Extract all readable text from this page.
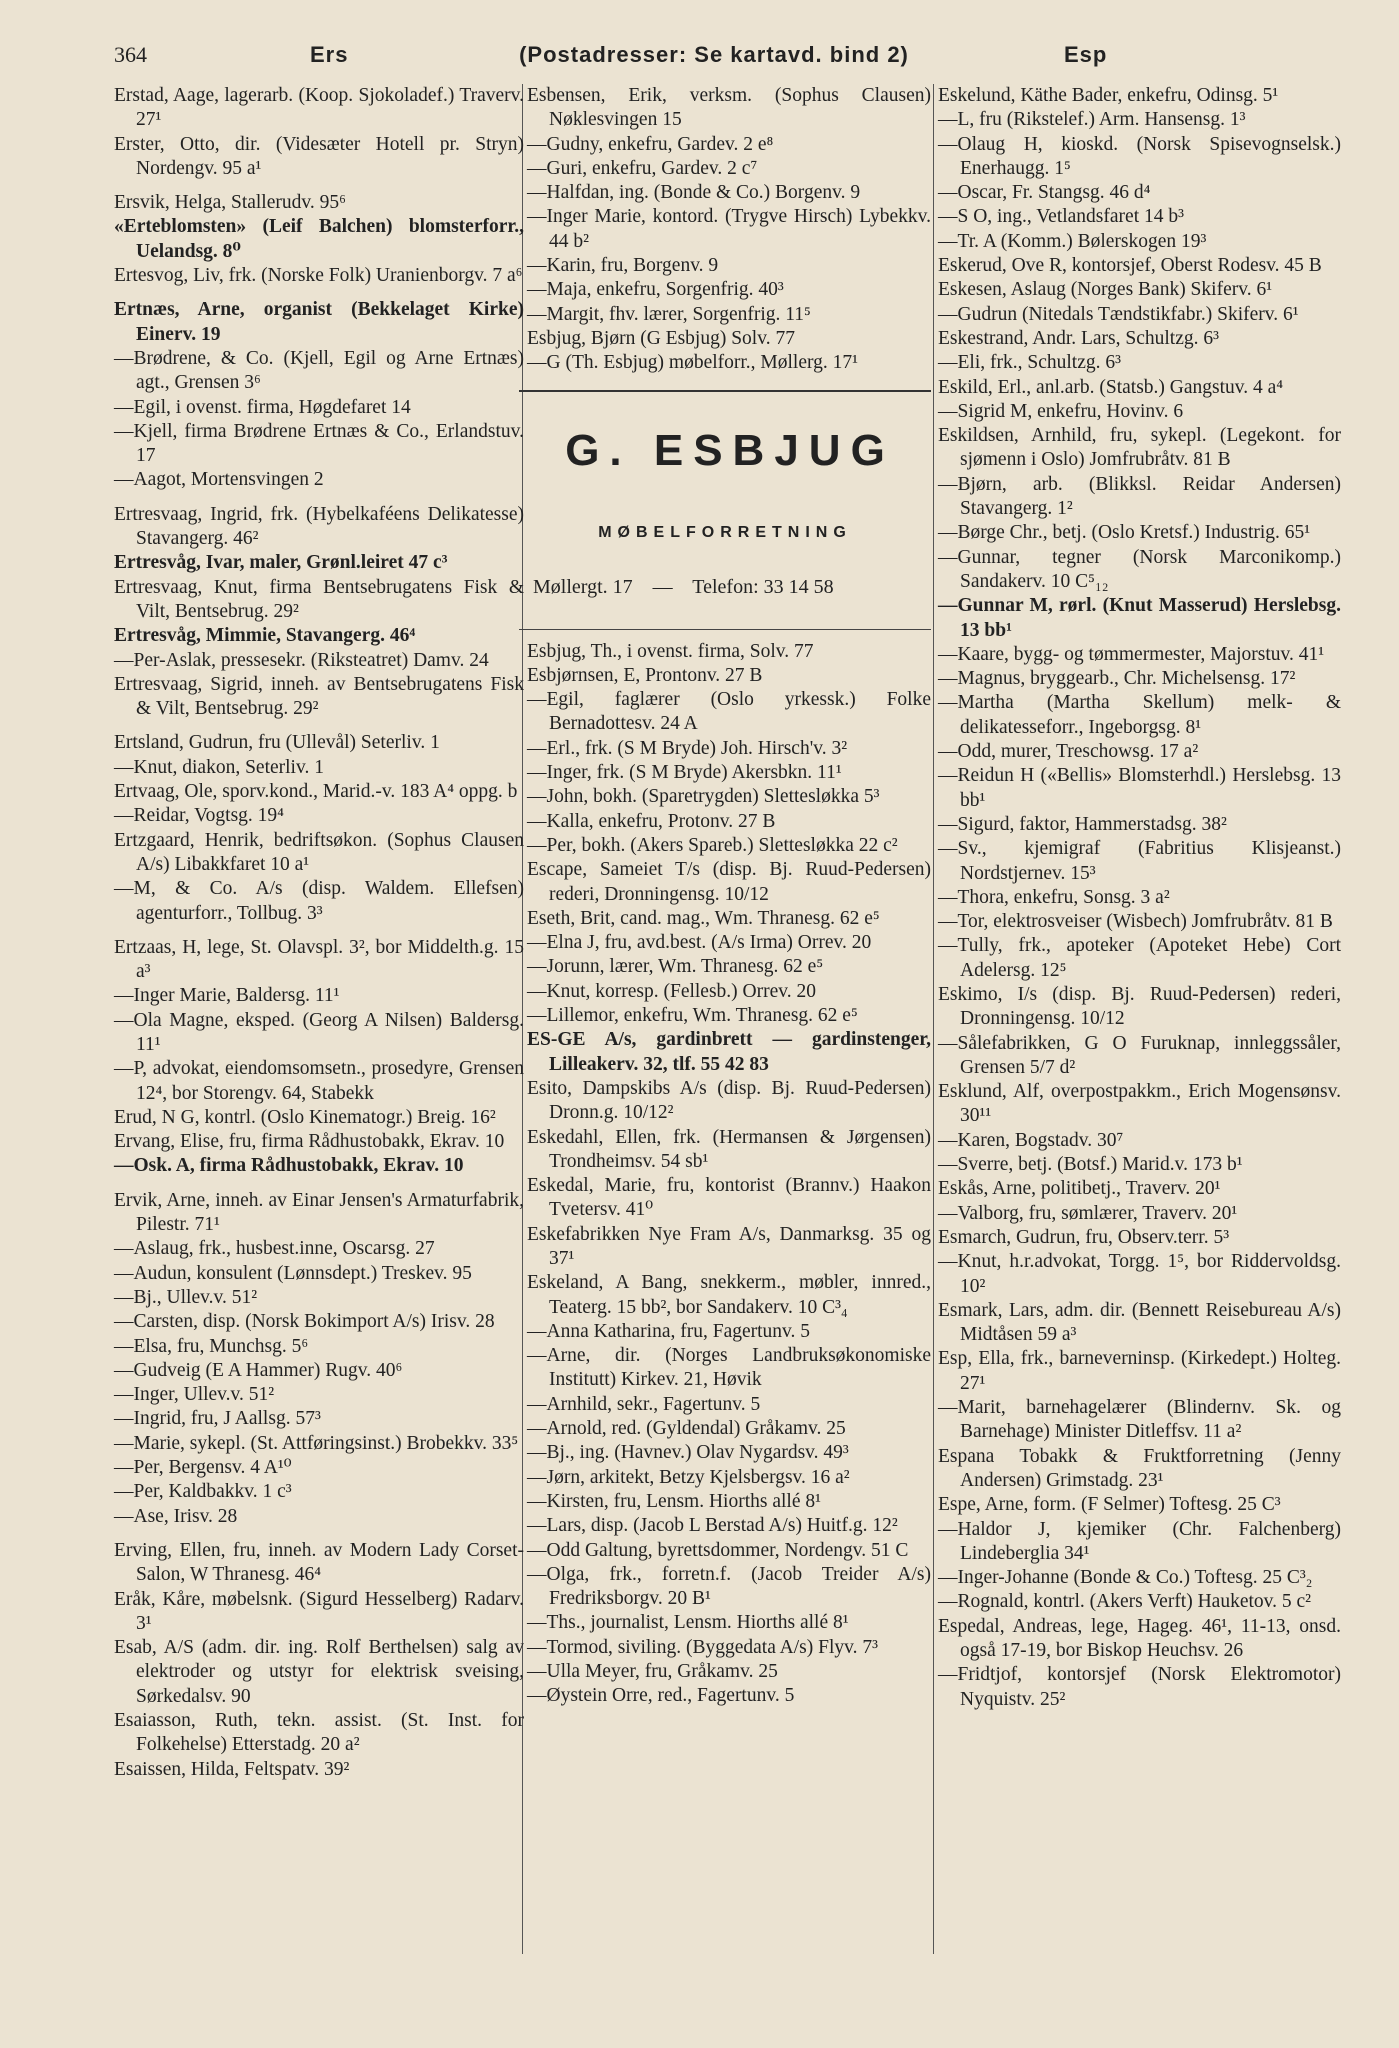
364	Ers	(Postadresser: Se kartavd. bind 2)	Esp
Erstad, Aage, lagerarb. (Koop. Sjokoladef.) Traverv. 27¹
Erster, Otto, dir. (Videsæter Hotell pr. Stryn) Nordengv. 95 a¹
Ersvik, Helga, Stallerudv. 95⁶
«Erteblomsten» (Leif Balchen) blomsterforr., Uelandsg. 8⁰
Ertesvog, Liv, frk. (Norske Folk) Uranienborgv. 7 a⁶
Ertnæs, Arne, organist (Bekkelaget Kirke) Einerv. 19
—Brødrene, & Co. (Kjell, Egil og Arne Ertnæs) agt., Grensen 3⁶
—Egil, i ovenst. firma, Høgdefaret 14
—Kjell, firma Brødrene Ertnæs & Co., Erlandstuv. 17
—Aagot, Mortensvingen 2
Ertresvaag, Ingrid, frk. (Hybelkaféens Delikatesse) Stavangerg. 46²
Ertresvåg, Ivar, maler, Grønl.leiret 47 c³
Ertresvaag, Knut, firma Bentsebrugatens Fisk & Vilt, Bentsebrug. 29²
Ertresvåg, Mimmie, Stavangerg. 46⁴
—Per-Aslak, pressesekr. (Riksteatret) Damv. 24
Ertresvaag, Sigrid, inneh. av Bentsebrugatens Fisk & Vilt, Bentsebrug. 29²
Ertsland, Gudrun, fru (Ullevål) Seterliv. 1
—Knut, diakon, Seterliv. 1
Ertvaag, Ole, sporv.kond., Marid.-v. 183 A⁴ oppg. b
—Reidar, Vogtsg. 19⁴
Ertzgaard, Henrik, bedriftsøkon. (Sophus Clausen A/s) Libakkfaret 10 a¹
—M, & Co. A/s (disp. Waldem. Ellefsen) agenturforr., Tollbug. 3³
Ertzaas, H, lege, St. Olavspl. 3², bor Middelth.g. 15 a³
—Inger Marie, Baldersg. 11¹
—Ola Magne, eksped. (Georg A Nilsen) Baldersg. 11¹
—P, advokat, eiendomsomsetn., prosedyre, Grensen 12⁴, bor Storengv. 64, Stabekk
Erud, N G, kontrl. (Oslo Kinematogr.) Breig. 16²
Ervang, Elise, fru, firma Rådhustobakk, Ekrav. 10
—Osk. A, firma Rådhustobakk, Ekrav. 10
Ervik, Arne, inneh. av Einar Jensen's Armaturfabrik, Pilestr. 71¹
—Aslaug, frk., husbest.inne, Oscarsg. 27
—Audun, konsulent (Lønnsdept.) Treskev. 95
—Bj., Ullev.v. 51²
—Carsten, disp. (Norsk Bokimport A/s) Irisv. 28
—Elsa, fru, Munchsg. 5⁶
—Gudveig (E A Hammer) Rugv. 40⁶
—Inger, Ullev.v. 51²
—Ingrid, fru, J Aallsg. 57³
—Marie, sykepl. (St. Attføringsinst.) Brobekkv. 33⁵
—Per, Bergensv. 4 A¹⁰
—Per, Kaldbakkv. 1 c³
—Ase, Irisv. 28
Erving, Ellen, fru, inneh. av Modern Lady Corset-Salon, W Thranesg. 46⁴
Eråk, Kåre, møbelsnk. (Sigurd Hesselberg) Radarv. 3¹
Esab, A/S (adm. dir. ing. Rolf Berthelsen) salg av elektroder og utstyr for elektrisk sveising, Sørkedalsv. 90
Esaiasson, Ruth, tekn. assist. (St. Inst. for Folkehelse) Etterstadg. 20 a²
Esaissen, Hilda, Feltspatv. 39²
Esbensen, Erik, verksm. (Sophus Clausen) Nøklesvingen 15
—Gudny, enkefru, Gardev. 2 e⁸
—Guri, enkefru, Gardev. 2 c⁷
—Halfdan, ing. (Bonde & Co.) Borgenv. 9
—Inger Marie, kontord. (Trygve Hirsch) Lybekkv. 44 b²
—Karin, fru, Borgenv. 9
—Maja, enkefru, Sorgenfrig. 40³
—Margit, fhv. lærer, Sorgenfrig. 11⁵
Esbjug, Bjørn (G Esbjug) Solv. 77
—G (Th. Esbjug) møbelforr., Møllerg. 17¹
G. ESBJUG
MØBELFORRETNING
Møllergt. 17 — Telefon: 33 14 58
Esbjug, Th., i ovenst. firma, Solv. 77
Esbjørnsen, E, Prontonv. 27 B
—Egil, faglærer (Oslo yrkessk.) Folke Bernadottesv. 24 A
—Erl., frk. (S M Bryde) Joh. Hirsch'v. 3²
—Inger, frk. (S M Bryde) Akersbkn. 11¹
—John, bokh. (Sparetrygden) Slettesløkka 5³
—Kalla, enkefru, Protonv. 27 B
—Per, bokh. (Akers Spareb.) Slettesløkka 22 c²
Escape, Sameiet T/s (disp. Bj. Ruud-Pedersen) rederi, Dronningensg. 10/12
Eseth, Brit, cand. mag., Wm. Thranesg. 62 e⁵
—Elna J, fru, avd.best. (A/s Irma) Orrev. 20
—Jorunn, lærer, Wm. Thranesg. 62 e⁵
—Knut, korresp. (Fellesb.) Orrev. 20
—Lillemor, enkefru, Wm. Thranesg. 62 e⁵
ES-GE A/s, gardinbrett — gardinstenger, Lilleakerv. 32, tlf. 55 42 83
Esito, Dampskibs A/s (disp. Bj. Ruud-Pedersen) Dronn.g. 10/12²
Eskedahl, Ellen, frk. (Hermansen & Jørgensen) Trondheimsv. 54 sb¹
Eskedal, Marie, fru, kontorist (Brannv.) Haakon Tvetersv. 41⁰
Eskefabrikken Nye Fram A/s, Danmarksg. 35 og 37¹
Eskeland, A Bang, snekkerm., møbler, innred., Teaterg. 15 bb², bor Sandakerv. 10 C³₄
—Anna Katharina, fru, Fagertunv. 5
—Arne, dir. (Norges Landbruksøkonomiske Institutt) Kirkev. 21, Høvik
—Arnhild, sekr., Fagertunv. 5
—Arnold, red. (Gyldendal) Gråkamv. 25
—Bj., ing. (Havnev.) Olav Nygardsv. 49³
—Jørn, arkitekt, Betzy Kjelsbergsv. 16 a²
—Kirsten, fru, Lensm. Hiorths allé 8¹
—Lars, disp. (Jacob L Berstad A/s) Huitf.g. 12²
—Odd Galtung, byrettsdommer, Nordengv. 51 C
—Olga, frk., forretn.f. (Jacob Treider A/s) Fredriksborgv. 20 B¹
—Ths., journalist, Lensm. Hiorths allé 8¹
—Tormod, siviling. (Byggedata A/s) Flyv. 7³
—Ulla Meyer, fru, Gråkamv. 25
—Øystein Orre, red., Fagertunv. 5
Eskelund, Käthe Bader, enkefru, Odinsg. 5¹
—L, fru (Rikstelef.) Arm. Hansensg. 1³
—Olaug H, kioskd. (Norsk Spisevognselsk.) Enerhaugg. 1⁵
—Oscar, Fr. Stangsg. 46 d⁴
—S O, ing., Vetlandsfaret 14 b³
—Tr. A (Komm.) Bølerskogen 19³
Eskerud, Ove R, kontorsjef, Oberst Rodesv. 45 B
Eskesen, Aslaug (Norges Bank) Skiferv. 6¹
—Gudrun (Nitedals Tændstikfabr.) Skiferv. 6¹
Eskestrand, Andr. Lars, Schultzg. 6³
—Eli, frk., Schultzg. 6³
Eskild, Erl., anl.arb. (Statsb.) Gangstuv. 4 a⁴
—Sigrid M, enkefru, Hovinv. 6
Eskildsen, Arnhild, fru, sykepl. (Legekont. for sjømenn i Oslo) Jomfrubråtv. 81 B
—Bjørn, arb. (Blikksl. Reidar Andersen) Stavangerg. 1²
—Børge Chr., betj. (Oslo Kretsf.) Industrig. 65¹
—Gunnar, tegner (Norsk Marconikomp.) Sandakerv. 10 C⁵₁₂
—Gunnar M, rørl. (Knut Masserud) Herslebsg. 13 bb¹
—Kaare, bygg- og tømmermester, Majorstuv. 41¹
—Magnus, bryggearb., Chr. Michelsensg. 17²
—Martha (Martha Skellum) melk- & delikatesseforr., Ingeborgsg. 8¹
—Odd, murer, Treschowsg. 17 a²
—Reidun H («Bellis» Blomsterhdl.) Herslebsg. 13 bb¹
—Sigurd, faktor, Hammerstadsg. 38²
—Sv., kjemigraf (Fabritius Klisjeanst.) Nordstjernev. 15³
—Thora, enkefru, Sonsg. 3 a²
—Tor, elektrosveiser (Wisbech) Jomfrubråtv. 81 B
—Tully, frk., apoteker (Apoteket Hebe) Cort Adelersg. 12⁵
Eskimo, I/s (disp. Bj. Ruud-Pedersen) rederi, Dronningensg. 10/12
—Sålefabrikken, G O Furuknap, innleggssåler, Grensen 5/7 d²
Esklund, Alf, overpostpakkm., Erich Mogensønsv. 30¹¹
—Karen, Bogstadv. 30⁷
—Sverre, betj. (Botsf.) Marid.v. 173 b¹
Eskås, Arne, politibetj., Traverv. 20¹
—Valborg, fru, sømlærer, Traverv. 20¹
Esmarch, Gudrun, fru, Observ.terr. 5³
—Knut, h.r.advokat, Torgg. 1⁵, bor Riddervoldsg. 10²
Esmark, Lars, adm. dir. (Bennett Reisebureau A/s) Midtåsen 59 a³
Esp, Ella, frk., barneverninsp. (Kirkedept.) Holteg. 27¹
—Marit, barnehagelærer (Blindernv. Sk. og Barnehage) Minister Ditleffsv. 11 a²
Espana Tobakk & Fruktforretning (Jenny Andersen) Grimstadg. 23¹
Espe, Arne, form. (F Selmer) Toftesg. 25 C³
—Haldor J, kjemiker (Chr. Falchenberg) Lindebergliа 34¹
—Inger-Johanne (Bonde & Co.) Toftesg. 25 C³₂
—Rognald, kontrl. (Akers Verft) Hauketov. 5 c²
Espedal, Andreas, lege, Hageg. 46¹, 11-13, onsd. også 17-19, bor Biskop Heuchsv. 26
—Fridtjof, kontorsjef (Norsk Elektromotor) Nyquistv. 25²
